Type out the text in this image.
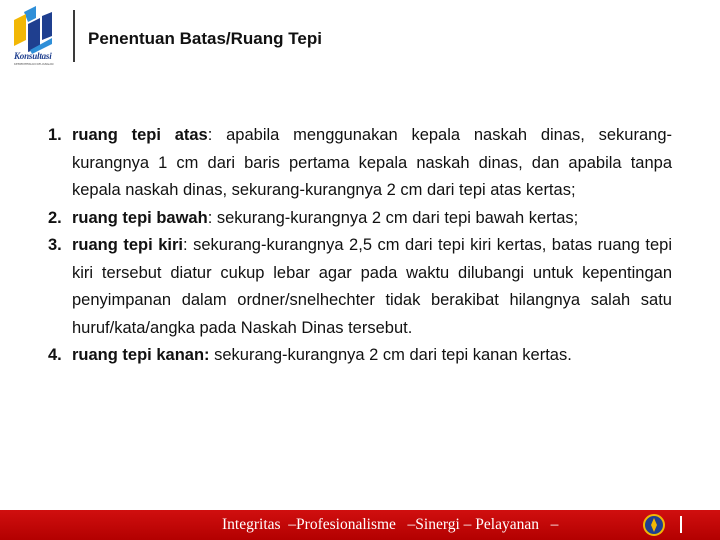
Konsultasi
KEMENTERIAN KEUANGAN
Penentuan Batas/Ruang Tepi
1. ruang tepi atas: apabila menggunakan kepala naskah dinas, sekurang-kurangnya 1 cm dari baris pertama kepala naskah dinas, dan apabila tanpa kepala naskah dinas, sekurang-kurangnya 2 cm dari tepi atas kertas;
2. ruang tepi bawah: sekurang-kurangnya 2 cm dari tepi bawah kertas;
3. ruang tepi kiri: sekurang-kurangnya 2,5 cm dari tepi kiri kertas, batas ruang tepi kiri tersebut diatur cukup lebar agar pada waktu dilubangi untuk kepentingan penyimpanan dalam ordner/snelhechter tidak berakibat hilangnya salah satu huruf/kata/angka pada Naskah Dinas tersebut.
4. ruang tepi kanan: sekurang-kurangnya 2 cm dari tepi kanan kertas.
Integritas  –Profesionalisme   –Sinergi – Pelayanan   –
